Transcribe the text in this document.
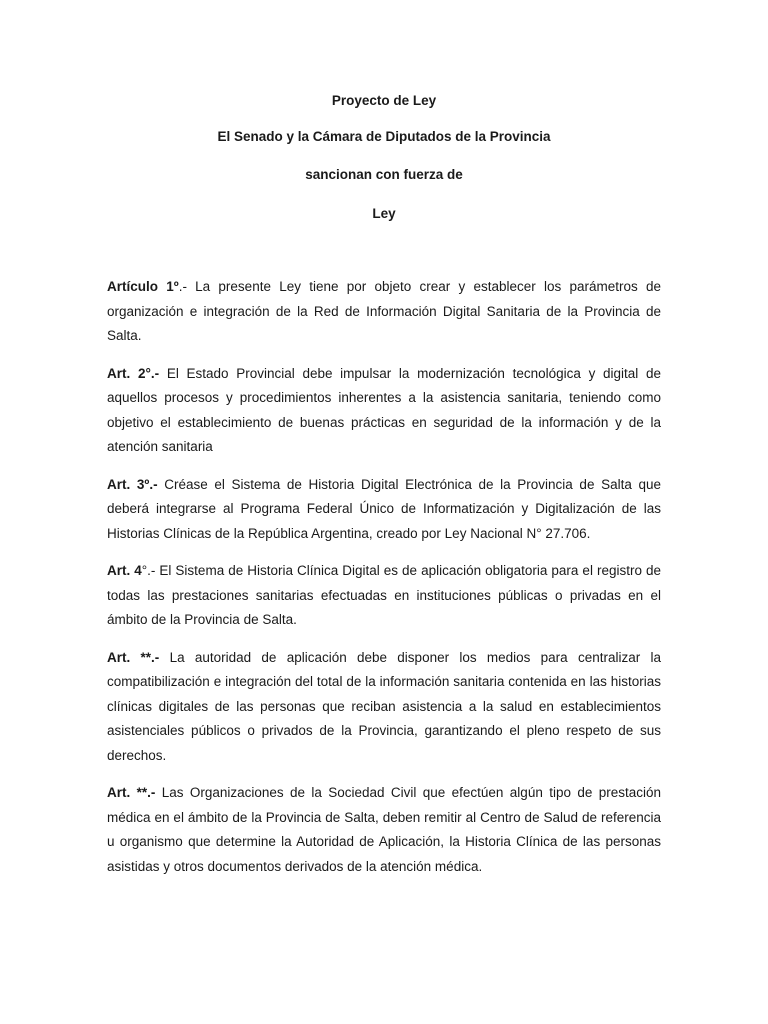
Proyecto de Ley
El Senado y la Cámara de Diputados de la Provincia
sancionan con fuerza de
Ley

Artículo 1º.- La presente Ley tiene por objeto crear y establecer los parámetros de organización e integración de la Red de Información Digital Sanitaria de la Provincia de Salta.

Art. 2°.- El Estado Provincial debe impulsar la modernización tecnológica y digital de aquellos procesos y procedimientos inherentes a la asistencia sanitaria, teniendo como objetivo el establecimiento de buenas prácticas en seguridad de la información y de la atención sanitaria

Art. 3º.- Créase el Sistema de Historia Digital Electrónica de la Provincia de Salta que deberá integrarse al Programa Federal Único de Informatización y Digitalización de las Historias Clínicas de la República Argentina, creado por Ley Nacional N° 27.706.

Art. 4°.- El Sistema de Historia Clínica Digital es de aplicación obligatoria para el registro de todas las prestaciones sanitarias efectuadas en instituciones públicas o privadas en el ámbito de la Provincia de Salta.

Art. **.- La autoridad de aplicación debe disponer los medios para centralizar la compatibilización e integración del total de la información sanitaria contenida en las historias clínicas digitales de las personas que reciban asistencia a la salud en establecimientos asistenciales públicos o privados de la Provincia, garantizando el pleno respeto de sus derechos.

Art. **.- Las Organizaciones de la Sociedad Civil que efectúen algún tipo de prestación médica en el ámbito de la Provincia de Salta, deben remitir al Centro de Salud de referencia u organismo que determine la Autoridad de Aplicación, la Historia Clínica de las personas asistidas y otros documentos derivados de la atención médica.
